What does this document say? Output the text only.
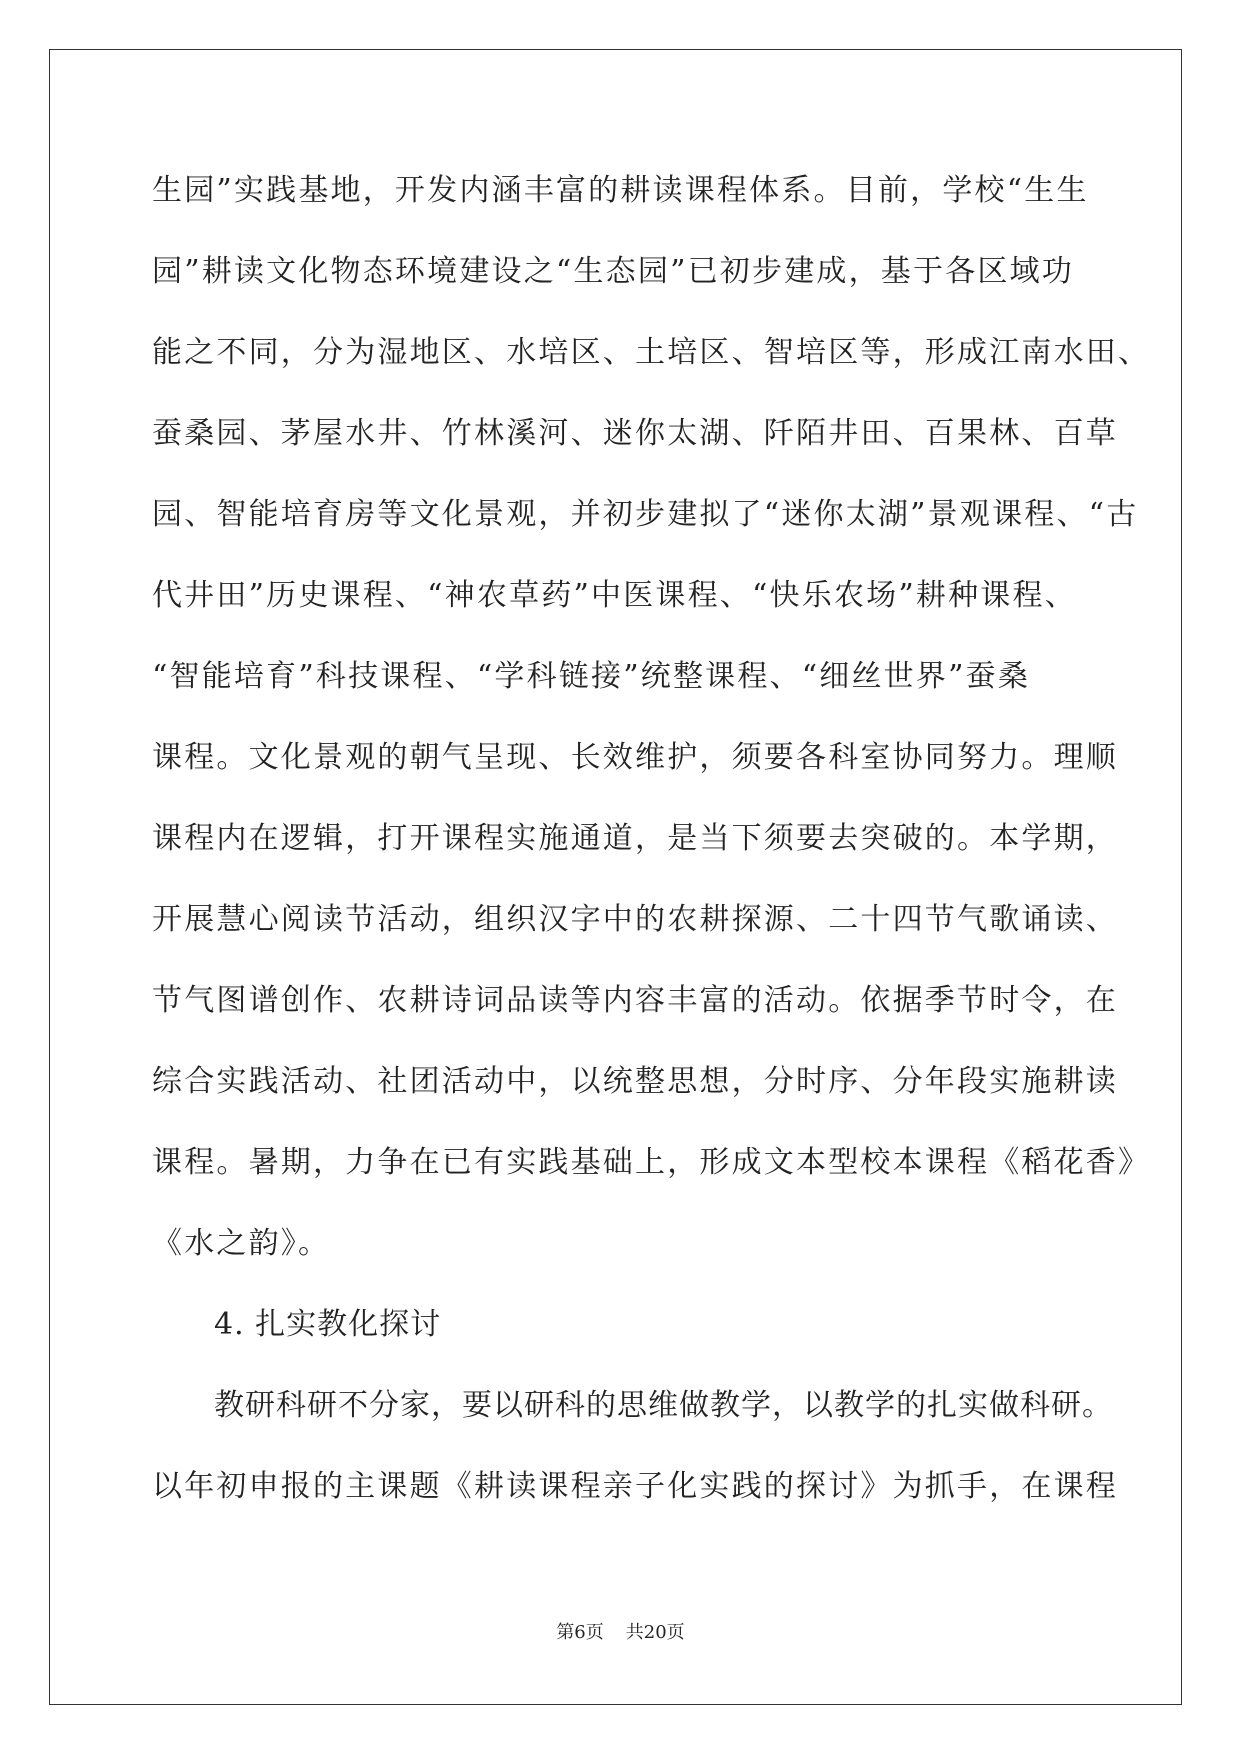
生园”实践基地，开发内涵丰富的耕读课程体系。目前，学校“生生
园”耕读文化物态环境建设之“生态园”已初步建成，基于各区域功
能之不同，分为湿地区、水培区、土培区、智培区等，形成江南水田、
蚕桑园、茅屋水井、竹林溪河、迷你太湖、阡陌井田、百果林、百草
园、智能培育房等文化景观，并初步建拟了“迷你太湖”景观课程、“古
代井田”历史课程、“神农草药”中医课程、“快乐农场”耕种课程、
“智能培育”科技课程、“学科链接”统整课程、“细丝世界”蚕桑
课程。文化景观的朝气呈现、长效维护，须要各科室协同努力。理顺
课程内在逻辑，打开课程实施通道，是当下须要去突破的。本学期，
开展慧心阅读节活动，组织汉字中的农耕探源、二十四节气歌诵读、
节气图谱创作、农耕诗词品读等内容丰富的活动。依据季节时令，在
综合实践活动、社团活动中，以统整思想，分时序、分年段实施耕读
课程。暑期，力争在已有实践基础上，形成文本型校本课程《稻花香》
《水之韵》。
4. 扎实教化探讨
教研科研不分家，要以研科的思维做教学，以教学的扎实做科研。
以年初申报的主课题《耕读课程亲子化实践的探讨》为抓手，在课程
第6页 共20页
